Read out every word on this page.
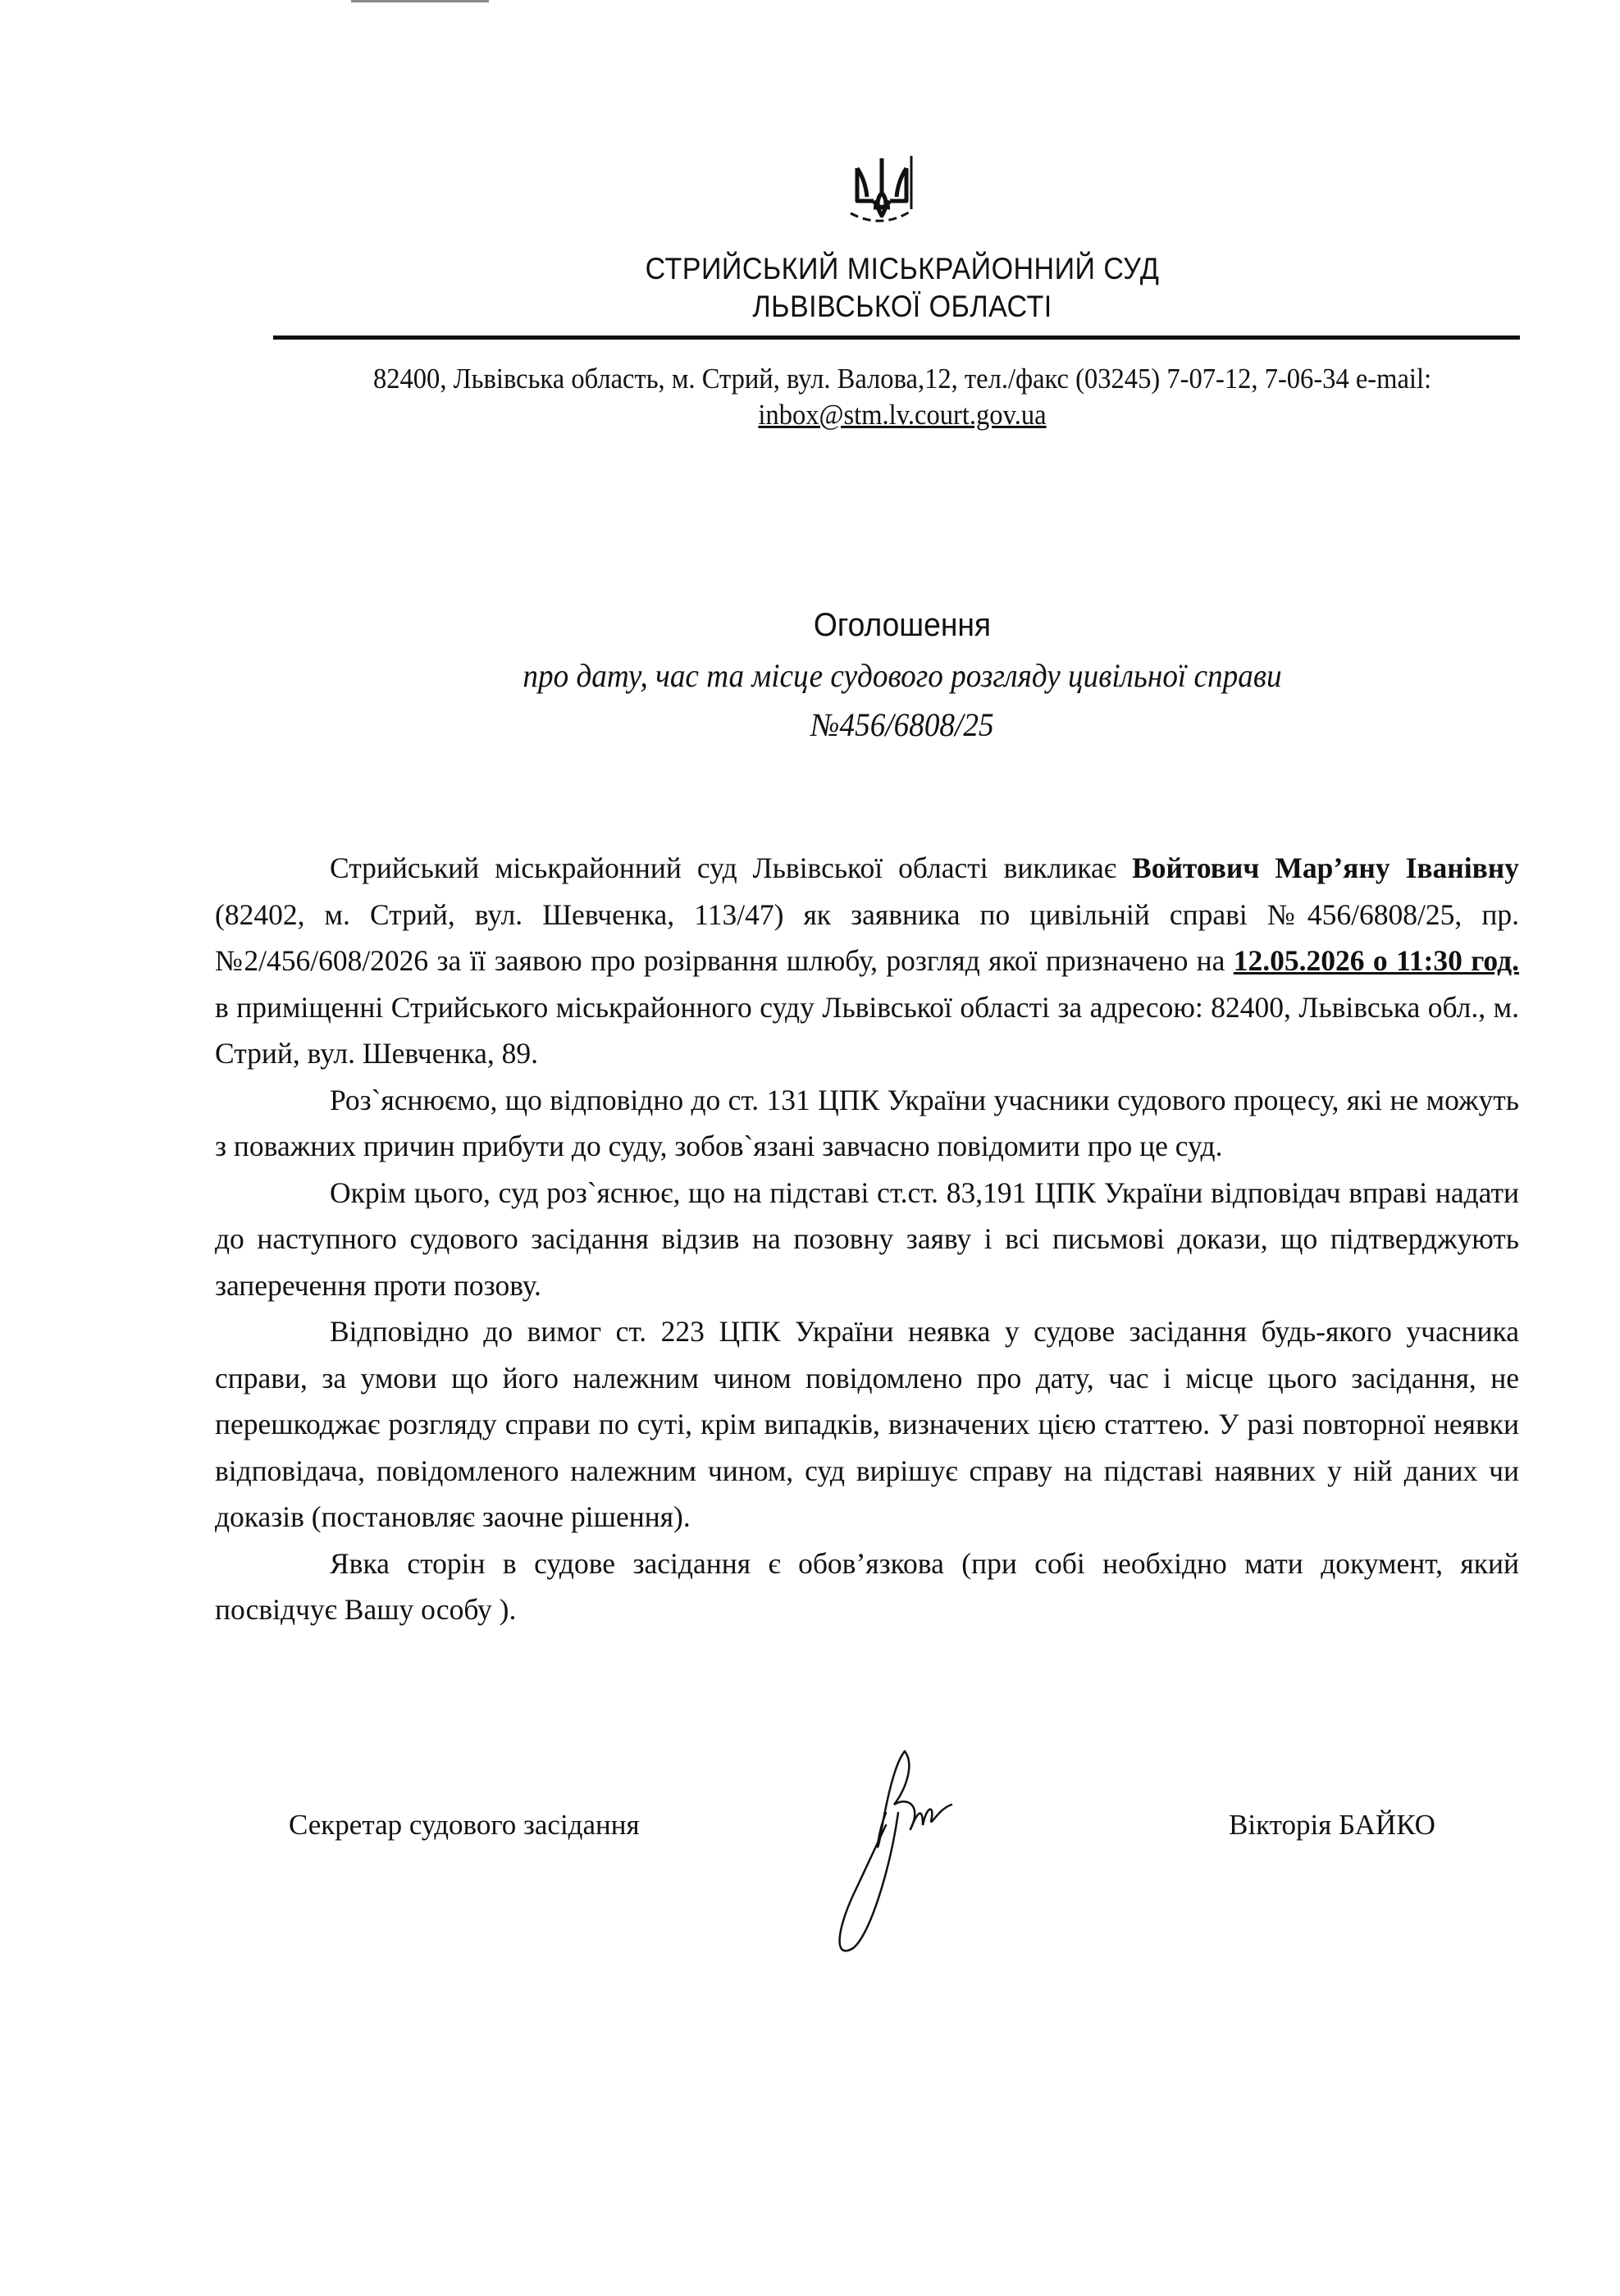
СТРИЙСЬКИЙ МІСЬКРАЙОННИЙ СУД
ЛЬВІВСЬКОЇ ОБЛАСТІ
82400, Львівська область, м. Стрий, вул. Валова,12, тел./факс (03245) 7-07-12, 7-06-34 e-mail:
inbox@stm.lv.court.gov.ua
Оголошення
про дату, час та місце судового розгляду цивільної справи
№456/6808/25

Стрийський міськрайонний суд Львівської області викликає Войтович Мар’яну Іванівну (82402, м. Стрий, вул. Шевченка, 113/47) як заявника по цивільній справі №456/6808/25, пр. №2/456/608/2026 за її заявою про розірвання шлюбу, розгляд якої призначено на 12.05.2026 о 11:30 год. в приміщенні Стрийського міськрайонного суду Львівської області за адресою: 82400, Львівська обл., м. Стрий, вул. Шевченка, 89.

Роз`яснюємо, що відповідно до ст. 131 ЦПК України учасники судового процесу, які не можуть з поважних причин прибути до суду, зобов`язані завчасно повідомити про це суд.

Окрім цього, суд роз`яснює, що на підставі ст.ст. 83,191 ЦПК України відповідач вправі надати до наступного судового засідання відзив на позовну заяву і всі письмові докази, що підтверджують заперечення проти позову.

Відповідно до вимог ст. 223 ЦПК України неявка у судове засідання будь-якого учасника справи, за умови що його належним чином повідомлено про дату, час і місце цього засідання, не перешкоджає розгляду справи по суті, крім випадків, визначених цією статтею. У разі повторної неявки відповідача, повідомленого належним чином, суд вирішує справу на підставі наявних у ній даних чи доказів (постановляє заочне рішення).

Явка сторін в судове засідання є обов’язкова (при собі необхідно мати документ, який посвідчує Вашу особу ).

Секретар судового засідання	Вікторія БАЙКО
